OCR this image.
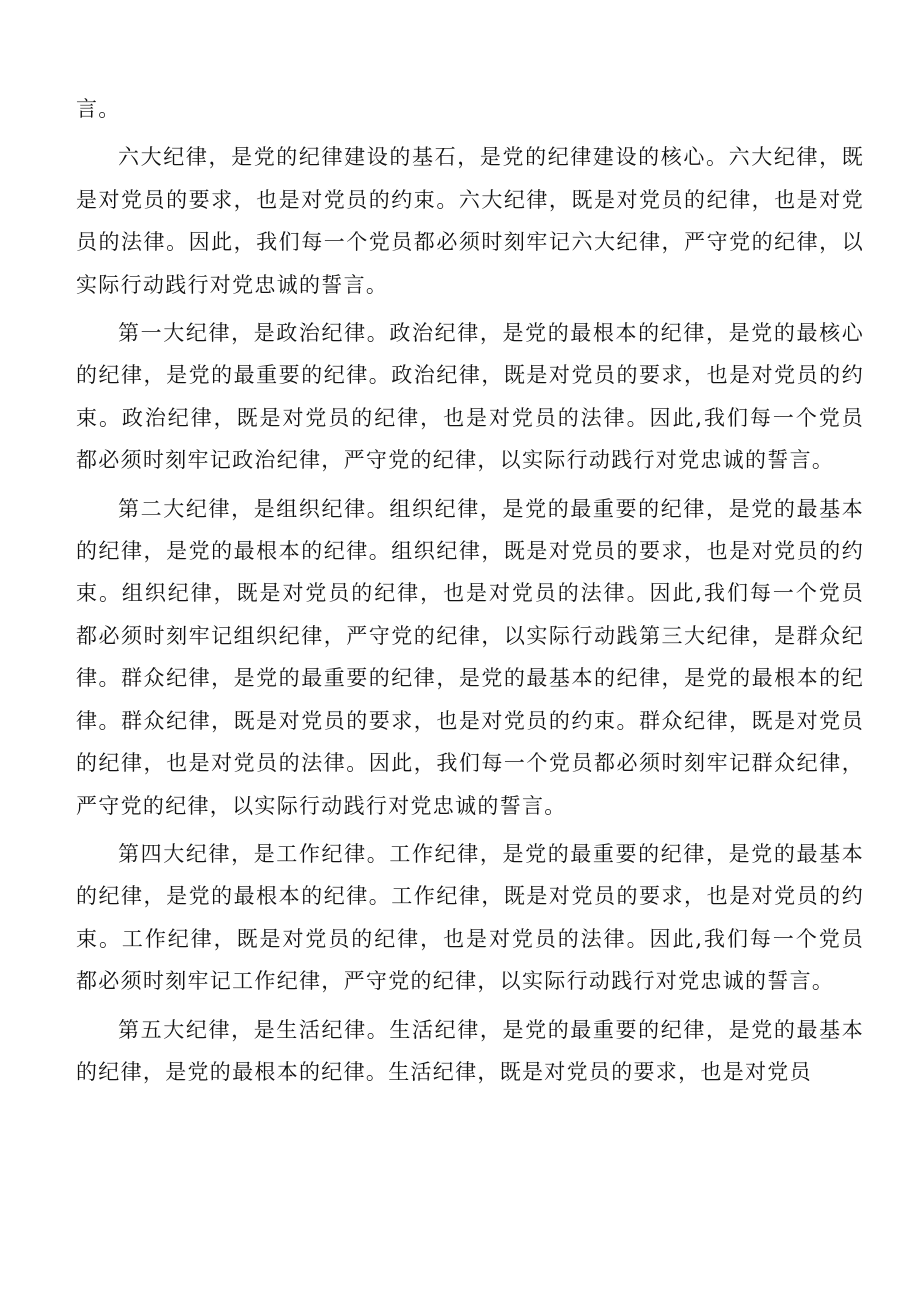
言。

六大纪律，是党的纪律建设的基石，是党的纪律建设的核心。六大纪律，既是对党员的要求，也是对党员的约束。六大纪律，既是对党员的纪律，也是对党员的法律。因此，我们每一个党员都必须时刻牢记六大纪律，严守党的纪律，以实际行动践行对党忠诚的誓言。

第一大纪律，是政治纪律。政治纪律，是党的最根本的纪律，是党的最核心的纪律，是党的最重要的纪律。政治纪律，既是对党员的要求，也是对党员的约束。政治纪律，既是对党员的纪律，也是对党员的法律。因此,我们每一个党员都必须时刻牢记政治纪律，严守党的纪律，以实际行动践行对党忠诚的誓言。

第二大纪律，是组织纪律。组织纪律，是党的最重要的纪律，是党的最基本的纪律，是党的最根本的纪律。组织纪律，既是对党员的要求，也是对党员的约束。组织纪律，既是对党员的纪律，也是对党员的法律。因此,我们每一个党员都必须时刻牢记组织纪律，严守党的纪律，以实际行动践第三大纪律，是群众纪律。群众纪律，是党的最重要的纪律，是党的最基本的纪律，是党的最根本的纪律。群众纪律，既是对党员的要求，也是对党员的约束。群众纪律，既是对党员的纪律，也是对党员的法律。因此，我们每一个党员都必须时刻牢记群众纪律，严守党的纪律，以实际行动践行对党忠诚的誓言。

第四大纪律，是工作纪律。工作纪律，是党的最重要的纪律，是党的最基本的纪律，是党的最根本的纪律。工作纪律，既是对党员的要求，也是对党员的约束。工作纪律，既是对党员的纪律，也是对党员的法律。因此,我们每一个党员都必须时刻牢记工作纪律，严守党的纪律，以实际行动践行对党忠诚的誓言。

第五大纪律，是生活纪律。生活纪律，是党的最重要的纪律，是党的最基本的纪律，是党的最根本的纪律。生活纪律，既是对党员的要求，也是对党员
